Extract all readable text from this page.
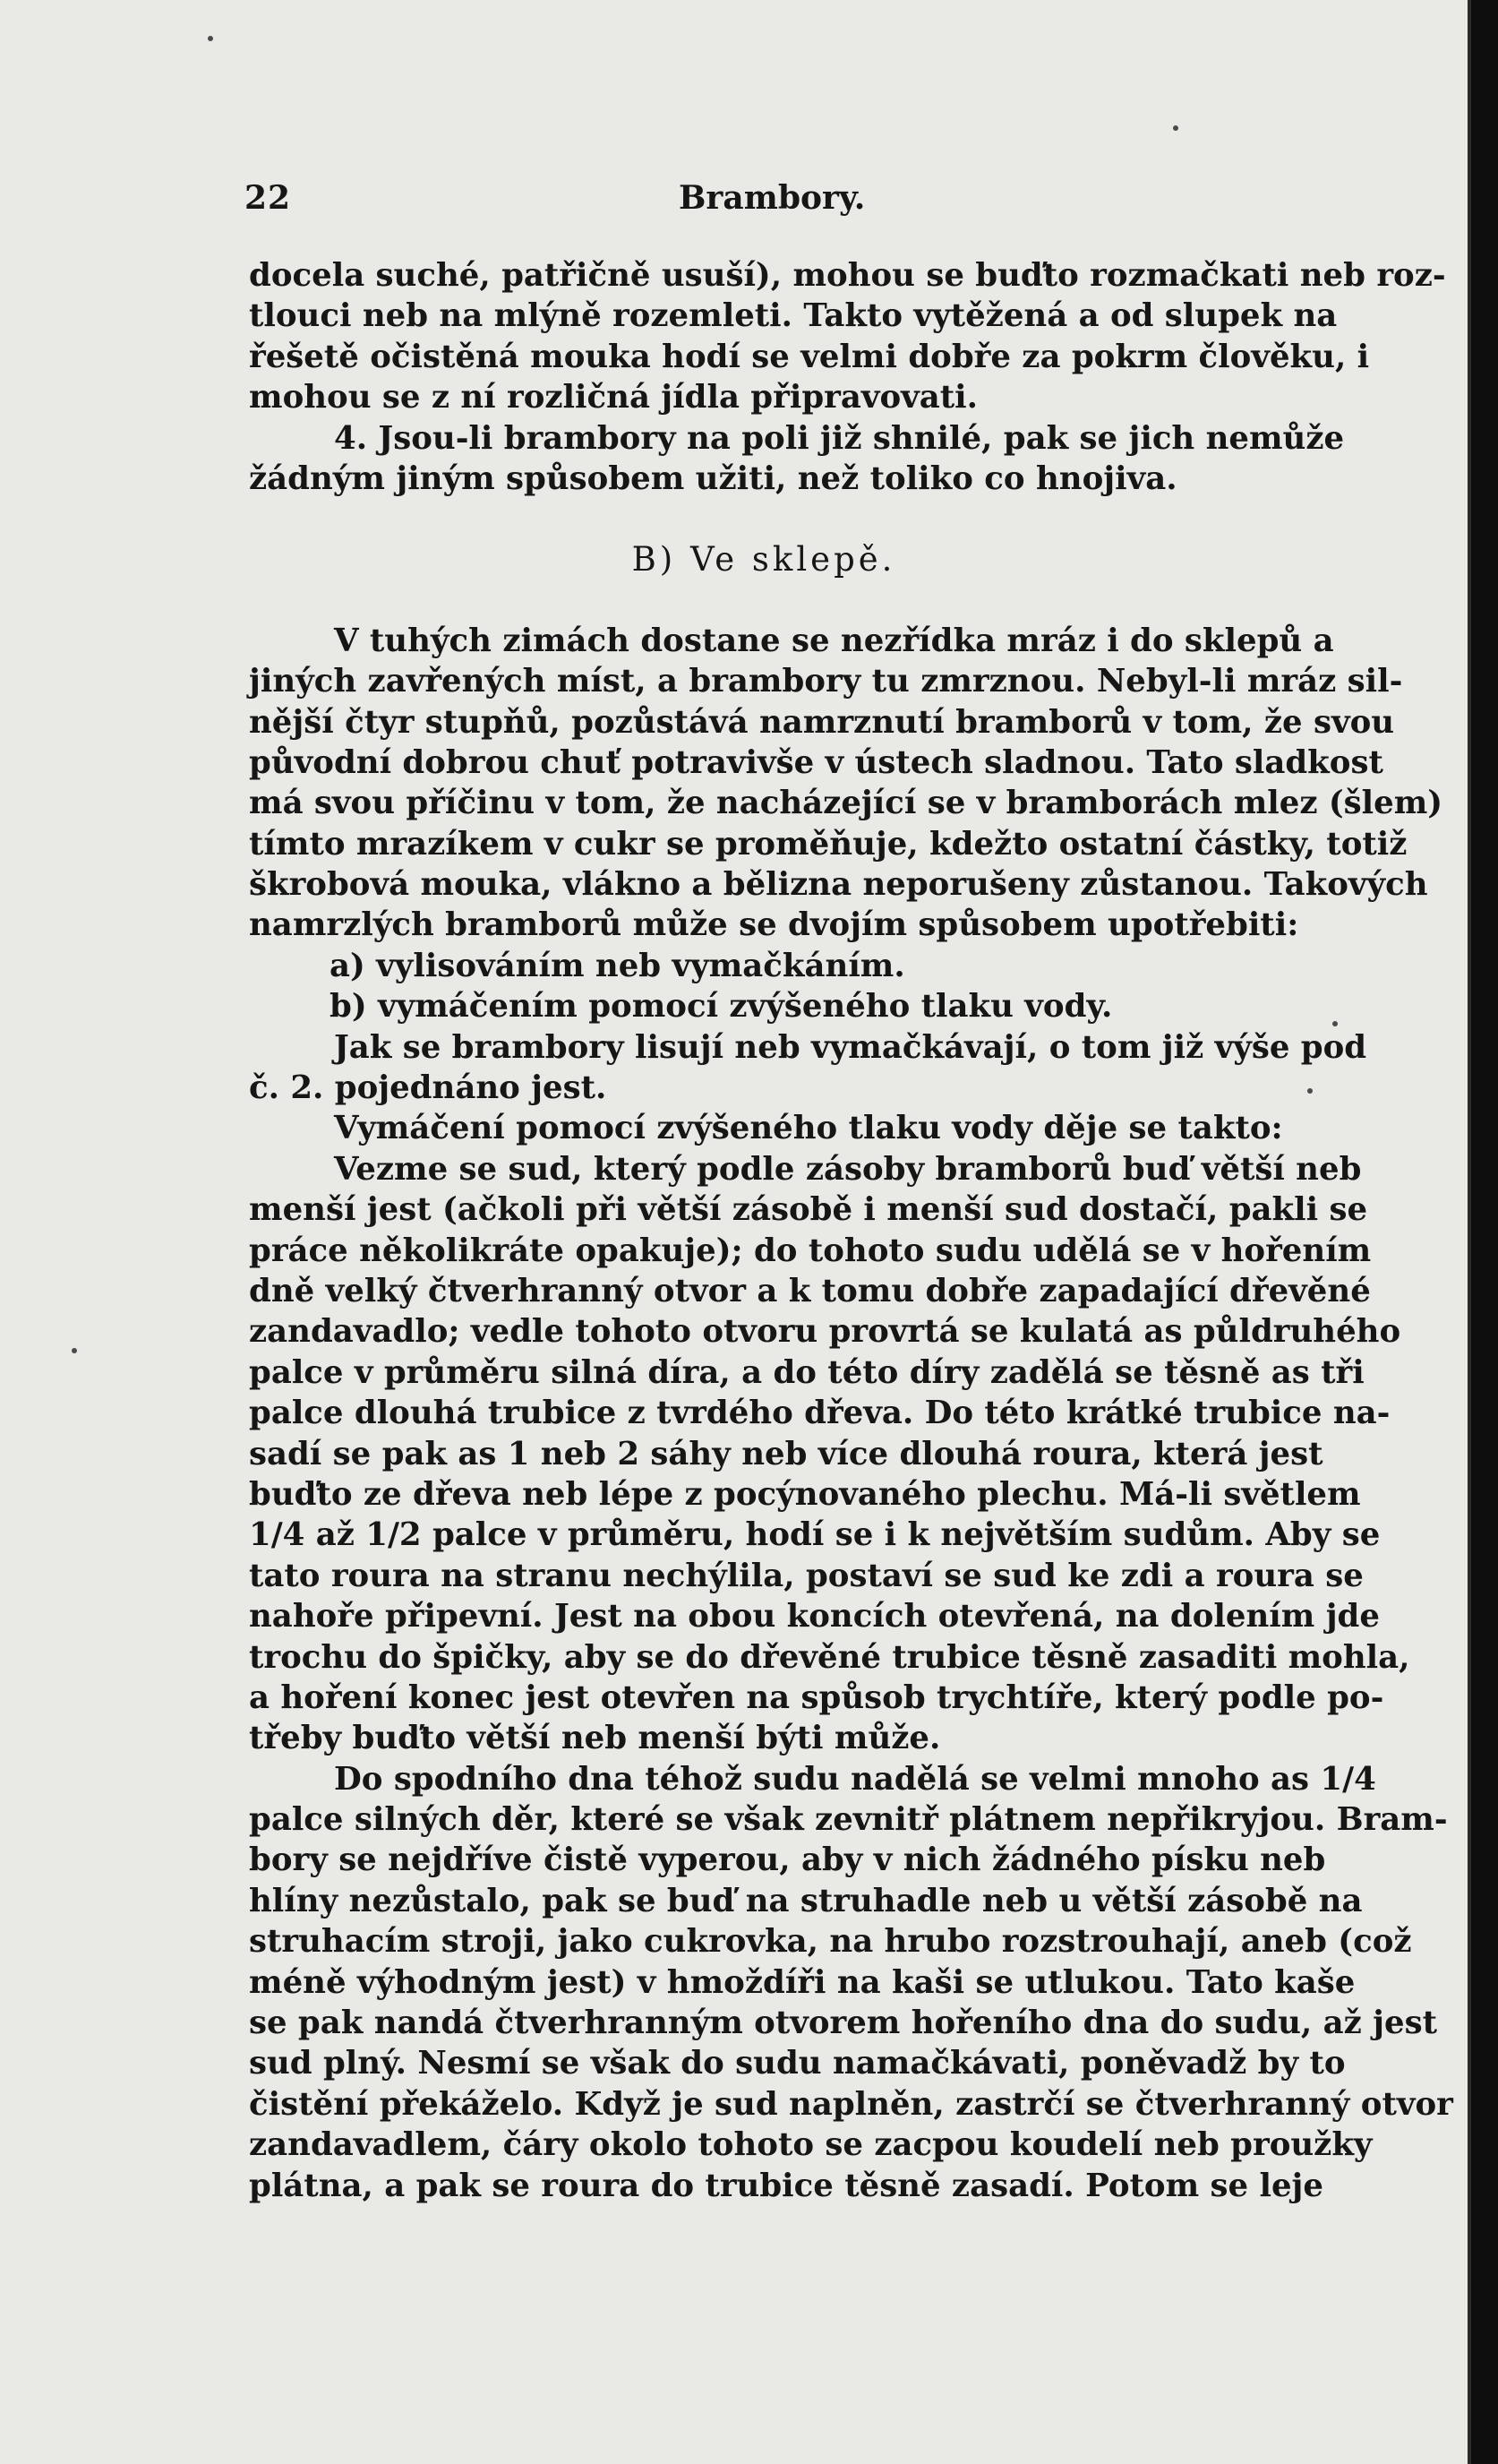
22	Brambory.
docela suché, patřičně usuší), mohou se buďto rozmačkati neb roz-
tlouci neb na mlýně rozemleti. Takto vytěžená a od slupek na
řešetě očistěná mouka hodí se velmi dobře za pokrm člověku, i
mohou se z ní rozličná jídla připravovati.
4. Jsou-li brambory na poli již shnilé, pak se jich nemůže
žádným jiným spůsobem užiti, než toliko co hnojiva.
B) Ve sklepě.
V tuhých zimách dostane se nezřídka mráz i do sklepů a
jiných zavřených míst, a brambory tu zmrznou. Nebyl-li mráz sil-
nější čtyr stupňů, pozůstává namrznutí bramborů v tom, že svou
původní dobrou chuť potravivše v ústech sladnou. Tato sladkost
má svou příčinu v tom, že nacházející se v bramborách mlez (šlem)
tímto mrazíkem v cukr se proměňuje, kdežto ostatní částky, totiž
škrobová mouka, vlákno a bělizna neporušeny zůstanou. Takových
namrzlých bramborů může se dvojím spůsobem upotřebiti:
a) vylisováním neb vymačkáním.
b) vymáčením pomocí zvýšeného tlaku vody.
Jak se brambory lisují neb vymačkávají, o tom již výše pod
č. 2. pojednáno jest.
Vymáčení pomocí zvýšeného tlaku vody děje se takto:
Vezme se sud, který podle zásoby bramborů buď větší neb
menší jest (ačkoli při větší zásobě i menší sud dostačí, pakli se
práce několikráte opakuje); do tohoto sudu udělá se v hořením
dně velký čtverhranný otvor a k tomu dobře zapadající dřevěné
zandavadlo; vedle tohoto otvoru provrtá se kulatá as půldruhého
palce v průměru silná díra, a do této díry zadělá se těsně as tři
palce dlouhá trubice z tvrdého dřeva. Do této krátké trubice na-
sadí se pak as 1 neb 2 sáhy neb více dlouhá roura, která jest
buďto ze dřeva neb lépe z pocýnovaného plechu. Má-li světlem
1/4 až 1/2 palce v průměru, hodí se i k největším sudům. Aby se
tato roura na stranu nechýlila, postaví se sud ke zdi a roura se
nahoře připevní. Jest na obou koncích otevřená, na dolením jde
trochu do špičky, aby se do dřevěné trubice těsně zasaditi mohla,
a hoření konec jest otevřen na spůsob trychtíře, který podle po-
třeby buďto větší neb menší býti může.
Do spodního dna téhož sudu nadělá se velmi mnoho as 1/4
palce silných děr, které se však zevnitř plátnem nepřikryjou. Bram-
bory se nejdříve čistě vyperou, aby v nich žádného písku neb
hlíny nezůstalo, pak se buď na struhadle neb u větší zásobě na
struhacím stroji, jako cukrovka, na hrubo rozstrouhají, aneb (což
méně výhodným jest) v hmoždíři na kaši se utlukou. Tato kaše
se pak nandá čtverhranným otvorem hořeního dna do sudu, až jest
sud plný. Nesmí se však do sudu namačkávati, poněvadž by to
čistění překáželo. Když je sud naplněn, zastrčí se čtverhranný otvor
zandavadlem, čáry okolo tohoto se zacpou koudelí neb proužky
plátna, a pak se roura do trubice těsně zasadí. Potom se leje
